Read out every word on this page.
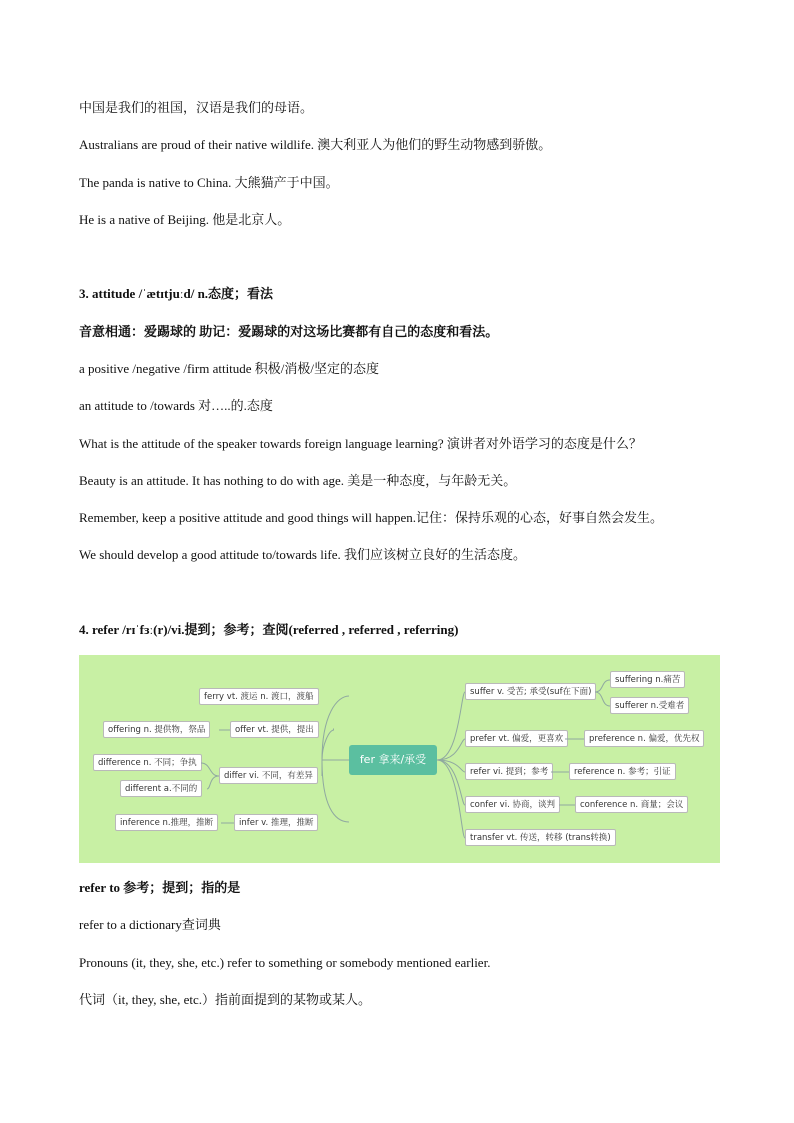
中国是我们的祖国，汉语是我们的母语。
Australians are proud of their native wildlife. 澳大利亚人为他们的野生动物感到骄傲。
The panda is native to China. 大熊猫产于中国。
He is a native of Beijing. 他是北京人。
3. attitude /ˈætɪtjuːd/ n.态度；看法
音意相通：爱踢球的 助记：爱踢球的对这场比赛都有自己的态度和看法。
a positive /negative /firm attitude 积极/消极/坚定的态度
an attitude to /towards 对…..的.态度
What is the attitude of the speaker towards foreign language learning? 演讲者对外语学习的态度是什么？
Beauty is an attitude. It has nothing to do with age. 美是一种态度，与年龄无关。
Remember, keep a positive attitude and good things will happen.记住：保持乐观的心态，好事自然会发生。
We should develop a good attitude to/towards life. 我们应该树立良好的生活态度。
4. refer /rɪˈfɜː(r)/vi.提到；参考；查阅(referred , referred , referring)
fer 拿来/承受
ferry vt. 渡运 n. 渡口，渡船
offering n. 提供物，祭品	offer vt. 提供，提出
difference n. 不同；争执
different a.不同的
differ vi. 不同，有差异
inference n.推理，推断	infer v. 推理，推断
suffer v. 受苦; 承受(suf在下面)
suffering n.痛苦
sufferer n.受难者
prefer vt. 偏爱，更喜欢	preference n. 偏爱，优先权
refer vi. 提到；参考	reference n. 参考；引证
confer vi. 协商，谈判	conference n. 商量；会议
transfer vt. 传送，转移 (trans转换)
refer to 参考；提到；指的是
refer to a dictionary查词典
Pronouns (it, they, she, etc.) refer to something or somebody mentioned earlier.
代词（it, they, she, etc.）指前面提到的某物或某人。
